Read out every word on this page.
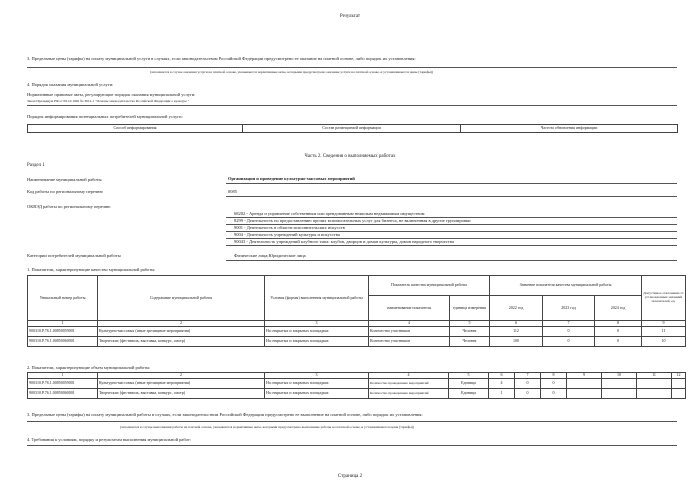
Результат
3. Предельные цены (тарифы) на оплату муниципальной услуги в случаях, если законодательством Российской Федерации предусмотрено ее оказание на платной основе, либо порядок их установления:
(заполняется в случае оказания услуги на платной основе, указываются нормативные акты, которыми предусмотрено оказание услуги на платной основе, и устанавливаются цены (тарифы))
4. Порядок оказания муниципальной услуги:
Нормативные правовые акты, регулирующие порядок оказания муниципальной услуги:
Закон Президиум РФ от 09.10.1992 № 3612-1 "Основы законодательства Российской Федерации о культуре "
Порядок информирования потенциальных потребителей муниципальной услуги:
Способ информирования	Состав размещаемой информации	Частота обновления информации
Часть 2. Сведения о выполняемых работах
Раздел 1
Наименование муниципальной работы	Организация и проведение культурно-массовых мероприятий
Код работы по региональному перечню	0085
ОКВЭД работы по региональному перечню
68202 - Аренда и управление собственным или арендованным нежилым недвижимым имуществом
8299 - Деятельность по предоставлению прочих вспомогательных услуг для бизнеса, не включенная в другие группировки
9001 - Деятельность в области исполнительских искусств
9004 - Деятельность учреждений культуры и искусства
90043 - Деятельность учреждений клубного типа: клубов, дворцов и домов культуры, домов народного творчества
Категории потребителей муниципальной работы	Физические лица;Юридические лица
1. Показатели, характеризующие качество муниципальной работы:
Уникальный номер работы	Содержание муниципальной работы	Условия (формы) выполнения муниципальной работы	Показатель качества муниципальной работы		Значение показателя качества муниципальной работы			Допустимое отклонение от установленных значений показателей, ед.
			наименование показателя	единица измерения	2022 год	2023 год	2024 год	
1	2	3	4	5	6	7	8	9
900310.Р.76.1.00850059001	Культурно-массовых (иные зрелищные мероприятия)	На открытых и закрытых площадках	Количество участников	Человек	112	0	0	11
900310.Р.76.1.00850060001	Творческих (фестиваль, выставка, конкурс, смотр)	На открытых и закрытых площадках	Количество участников	Человек	100	0	0	10
2. Показатели, характеризующие объем муниципальной работы:
1	2	3	4	5	6	7	8	9	10	11	12
900310.Р.76.1.00850059001	Культурно-массовых (иные зрелищные мероприятия)	На открытых и закрытых площадках	Количество проведенных мероприятий	Единица	4	0	0				
900310.Р.76.1.00850060001	Творческих (фестиваль, выставка, конкурс, смотр)	На открытых и закрытых площадках	Количество проведенных мероприятий	Единица	1	0	0				
3. Предельные цены (тарифы) на оплату муниципальной работы в случаях, если законодательством Российской Федерации предусмотрено ее выполнение на платной основе, либо порядок их установления:
(заполняется в случае выполнения работы на платной основе, указываются нормативные акты, которыми предусмотрено выполнение работы на платной основе, и устанавливаются цены (тарифы))
4. Требования к условиям, порядку и результатам выполнения муниципальной работ:
Страница 2
